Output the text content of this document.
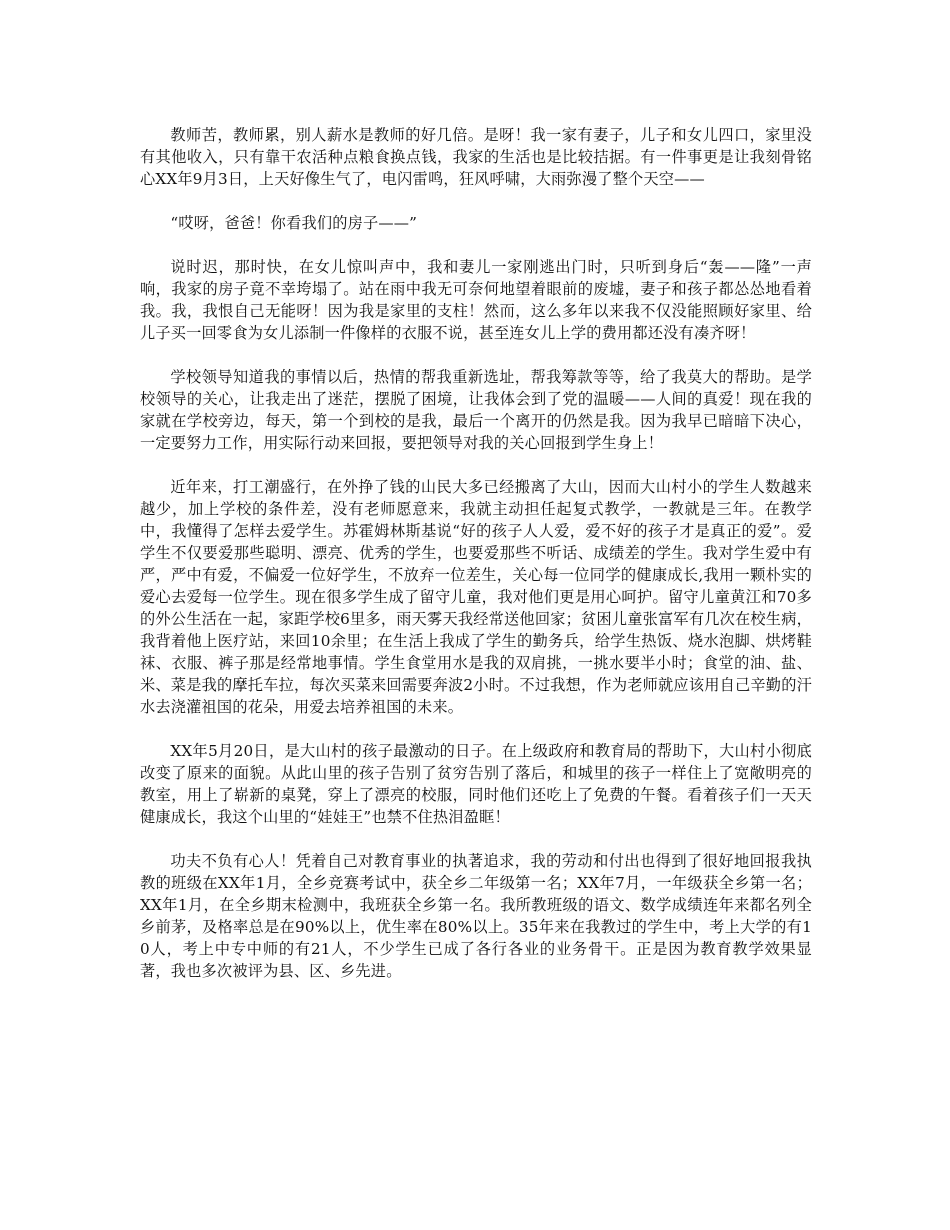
教师苦，教师累，别人薪水是教师的好几倍。是呀！我一家有妻子，儿子和女儿四口，家里没有其他收入，只有靠干农活种点粮食换点钱，我家的生活也是比较拮据。有一件事更是让我刻骨铭心XX年9月3日，上天好像生气了，电闪雷鸣，狂风呼啸，大雨弥漫了整个天空——

“哎呀，爸爸！你看我们的房子——”

说时迟，那时快，在女儿惊叫声中，我和妻儿一家刚逃出门时，只听到身后“轰——隆”一声响，我家的房子竟不幸垮塌了。站在雨中我无可奈何地望着眼前的废墟，妻子和孩子都怂怂地看着我。我，我恨自己无能呀！因为我是家里的支柱！然而，这么多年以来我不仅没能照顾好家里、给儿子买一回零食为女儿添制一件像样的衣服不说，甚至连女儿上学的费用都还没有凑齐呀！

学校领导知道我的事情以后，热情的帮我重新选址，帮我筹款等等，给了我莫大的帮助。是学校领导的关心，让我走出了迷茫，摆脱了困境，让我体会到了党的温暖——人间的真爱！现在我的家就在学校旁边，每天，第一个到校的是我，最后一个离开的仍然是我。因为我早已暗暗下决心，一定要努力工作，用实际行动来回报，要把领导对我的关心回报到学生身上！

近年来，打工潮盛行，在外挣了钱的山民大多已经搬离了大山，因而大山村小的学生人数越来越少，加上学校的条件差，没有老师愿意来，我就主动担任起复式教学，一教就是三年。在教学中，我懂得了怎样去爱学生。苏霍姆林斯基说“好的孩子人人爱，爱不好的孩子才是真正的爱”。爱学生不仅要爱那些聪明、漂亮、优秀的学生，也要爱那些不听话、成绩差的学生。我对学生爱中有严，严中有爱，不偏爱一位好学生，不放弃一位差生，关心每一位同学的健康成长,我用一颗朴实的爱心去爱每一位学生。现在很多学生成了留守儿童，我对他们更是用心呵护。留守儿童黄江和70多的外公生活在一起，家距学校6里多，雨天雾天我经常送他回家；贫困儿童张富军有几次在校生病，我背着他上医疗站，来回10余里；在生活上我成了学生的勤务兵，给学生热饭、烧水泡脚、烘烤鞋袜、衣服、裤子那是经常地事情。学生食堂用水是我的双肩挑，一挑水要半小时；食堂的油、盐、米、菜是我的摩托车拉，每次买菜来回需要奔波2小时。不过我想，作为老师就应该用自己辛勤的汗水去浇灌祖国的花朵，用爱去培养祖国的未来。

XX年5月20日，是大山村的孩子最激动的日子。在上级政府和教育局的帮助下，大山村小彻底改变了原来的面貌。从此山里的孩子告别了贫穷告别了落后，和城里的孩子一样住上了宽敞明亮的教室，用上了崭新的桌凳，穿上了漂亮的校服，同时他们还吃上了免费的午餐。看着孩子们一天天健康成长，我这个山里的“娃娃王”也禁不住热泪盈眶！

功夫不负有心人！凭着自己对教育事业的执著追求，我的劳动和付出也得到了很好地回报我执教的班级在XX年1月，全乡竞赛考试中，获全乡二年级第一名；XX年7月，一年级获全乡第一名；XX年1月，在全乡期末检测中，我班获全乡第一名。我所教班级的语文、数学成绩连年来都名列全乡前茅，及格率总是在90%以上，优生率在80%以上。35年来在我教过的学生中，考上大学的有10人，考上中专中师的有21人，不少学生已成了各行各业的业务骨干。正是因为教育教学效果显著，我也多次被评为县、区、乡先进。
